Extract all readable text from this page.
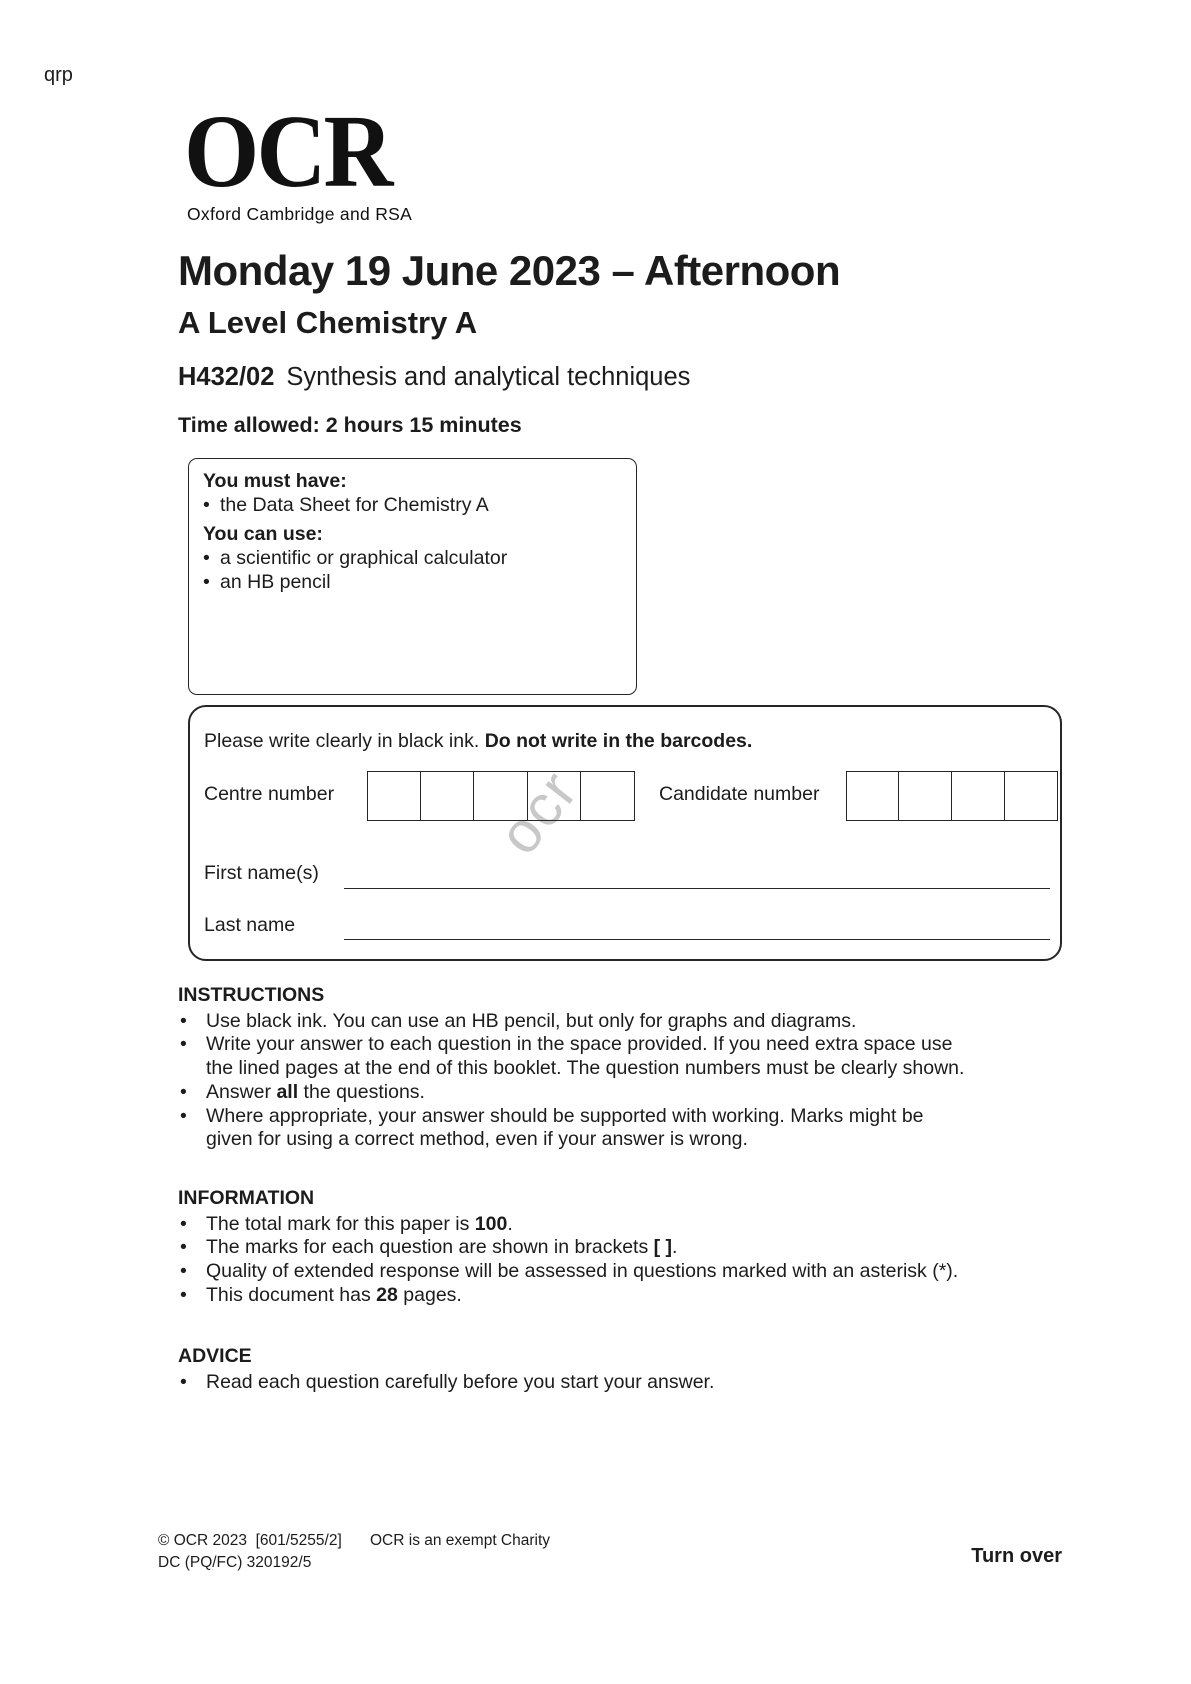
qrp
OCR
Oxford Cambridge and RSA
Monday 19 June 2023 – Afternoon
A Level Chemistry A
H432/02 Synthesis and analytical techniques
Time allowed: 2 hours 15 minutes
You must have:
• the Data Sheet for Chemistry A
You can use:
• a scientific or graphical calculator
• an HB pencil
ocr
Please write clearly in black ink. Do not write in the barcodes.
Centre number	Candidate number
First name(s)
Last name
INSTRUCTIONS
• Use black ink. You can use an HB pencil, but only for graphs and diagrams.
• Write your answer to each question in the space provided. If you need extra space use
the lined pages at the end of this booklet. The question numbers must be clearly shown.
• Answer all the questions.
• Where appropriate, your answer should be supported with working. Marks might be
given for using a correct method, even if your answer is wrong.
INFORMATION
• The total mark for this paper is 100.
• The marks for each question are shown in brackets [ ].
• Quality of extended response will be assessed in questions marked with an asterisk (*).
• This document has 28 pages.
ADVICE
• Read each question carefully before you start your answer.
© OCR 2023  [601/5255/2] OCR is an exempt Charity
DC (PQ/FC) 320192/5	Turn over
